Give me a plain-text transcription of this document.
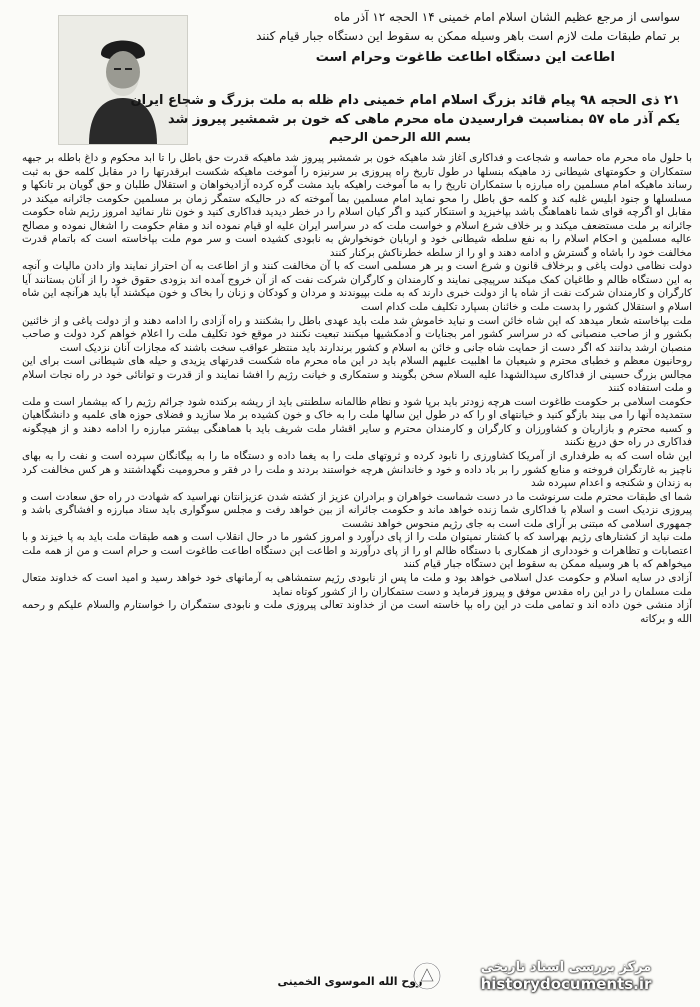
سواسی از مرجع عظیم الشان اسلام امام خمینی ۱۴ الحجه ۱۲ آذر ماه
بر تمام طبقات ملت لازم است باهر وسیله ممکن به سقوط این دستگاه جبار قیام کنند
اطاعت این دستگاه اطاعت طاغوت وحرام است
۲۱ ذی الحجه ۹۸ پیام قائد بزرگ اسلام امام خمینی دام ظله به ملت بزرگ و شجاع ایران
یکم آذر ماه ۵۷ بمناسبت فرارسیدن ماه محرم ماهی که خون بر شمشیر پیروز شد
بسم الله الرحمن الرحیم

با حلول ماه محرم ماه حماسه و شجاعت و فداکاری آغاز شد ماهیکه خون بر شمشیر پیروز شد ماهیکه قدرت حق باطل را تا ابد محکوم و داغ باطله بر جبهه ستمکاران و حکومتهای شیطانی زد ماهیکه بنسلها در طول تاریخ راه پیروزی بر سرنیزه را آموخت ماهیکه شکست ابرقدرتها را در مقابل کلمه حق به ثبت رساند ماهیکه امام مسلمین راه مبارزه با ستمکاران تاریخ را به ما آموخت راهیکه باید مشت گره کرده آزادیخواهان و استقلال طلبان و حق گویان بر تانکها و مسلسلها و جنود ابلیس غلبه کند و کلمه حق باطل را محو نماید امام مسلمین بما آموخته که در حالیکه ستمگر زمان بر مسلمین حکومت جائرانه میکند در مقابل او اگرچه قوای شما ناهماهنگ باشد بپاخیزید و استنکار کنید و اگر کیان اسلام را در خطر دیدید فداکاری کنید و خون نثار نمائید امروز رژیم شاه حکومت جائرانه بر ملت مستضعف میکند و بر خلاف شرع اسلام و خواست ملت که در سراسر ایران علیه او قیام نموده اند و مقام حکومت را اشغال نموده و مصالح عالیه مسلمین و احکام اسلام را به نفع سلطه شیطانی خود و اربابان خونخوارش به نابودی کشیده است و سر موم ملت بپاخاسته است که باتمام قدرت مخالفت خود را باشاه و گسترش و ادامه دهند و او را از سلطه خطرناکش برکنار کنند

دولت نظامی دولت یاغی و برخلاف قانون و شرع است و بر هر مسلمی است که با آن مخالفت کنند و از اطاعت به آن احتراز نمایند واز دادن مالیات و آنچه به این دستگاه ظالم و طاغیان کمک میکند سرپیچی نمایند و کارمندان و کارگران شرکت نفت که از آن خروج آمده اند بزودی حقوق خود را از آنان بستانند آیا کارگران و کارمندان شرکت نفت از شاه یا از دولت خبری دارند که به ملت بپیوندند و مردان و کودکان و زنان را بخاک و خون میکشند آیا باید هرآنچه این شاه اسلام و استقلال کشور را بدست ملت و خائنان بسپارد تکلیف ملت کدام است

ملت بپاخاسته شعار میدهد که این شاه خائن است و نباید خاموش شد ملت باید عهدی باطل را بشکنند و راه آزادی را ادامه دهند و از دولت یاغی و از خائنین بکشور و از صاحب منصبانی که در سراسر کشور امر بجنایات و آدمکشیها میکنند تبعیت نکنند در موقع خود تکلیف ملت را اعلام خواهم کرد دولت و صاحب منصبان ارشد بدانند که اگر دست از حمایت شاه جانی و خائن به اسلام و کشور برندارند باید منتظر عواقب سخت باشند که مجازات آنان نزدیک است

روحانیون معظم و خطبای محترم و شیعیان ما اهلبیت علیهم السلام باید در این ماه محرم ماه شکست قدرتهای یزیدی و حیله های شیطانی است برای این مجالس بزرگ حسینی از فداکاری سیدالشهدا علیه السلام سخن بگویند و ستمکاری و خیانت رژیم را افشا نمایند و از قدرت و توانائی خود در راه نجات اسلام و ملت استفاده کنند

حکومت اسلامی بر حکومت طاغوت است هرچه زودتر باید برپا شود و نظام ظالمانه سلطنتی باید از ریشه برکنده شود جرائم رژیم را که بیشمار است و ملت ستمدیده آنها را می بیند بازگو کنید و خیانتهای او را که در طول این سالها ملت را به خاک و خون کشیده بر ملا سازید و فضلای حوزه های علمیه و دانشگاهیان و کسبه محترم و بازاریان و کشاورزان و کارگران و کارمندان محترم و سایر اقشار ملت شریف باید با هماهنگی بیشتر مبارزه را ادامه دهند و از هیچگونه فداکاری در راه حق دریغ نکنند

این شاه است که به طرفداری از آمریکا کشاورزی را نابود کرده و ثروتهای ملت را به یغما داده و دستگاه ما را به بیگانگان سپرده است و نفت را به بهای ناچیز به غارتگران فروخته و منابع کشور را بر باد داده و خود و خاندانش هرچه خواستند بردند و ملت را در فقر و محرومیت نگهداشتند و هر کس مخالفت کرد به زندان و شکنجه و اعدام سپرده شد

شما ای طبقات محترم ملت سرنوشت ما در دست شماست خواهران و برادران عزیز از کشته شدن عزیزانتان نهراسید که شهادت در راه حق سعادت است و پیروزی نزدیک است و اسلام با فداکاری شما زنده خواهد ماند و حکومت جائرانه از بین خواهد رفت و مجلس سوگواری باید ستاد مبارزه و افشاگری باشد و جمهوری اسلامی که مبتنی بر آرای ملت است به جای رژیم منحوس خواهد نشست

ملت نباید از کشتارهای رژیم بهراسد که با کشتار نمیتوان ملت را از پای درآورد و امروز کشور ما در حال انقلاب است و همه طبقات ملت باید به پا خیزند و با اعتصابات و تظاهرات و خودداری از همکاری با دستگاه ظالم او را از پای درآورند و اطاعت این دستگاه اطاعت طاغوت است و حرام است و من از همه ملت میخواهم که با هر وسیله ممکن به سقوط این دستگاه جبار قیام کنند

آزادی در سایه اسلام و حکومت عدل اسلامی خواهد بود و ملت ما پس از نابودی رژیم ستمشاهی به آرمانهای خود خواهد رسید و امید است که خداوند متعال ملت مسلمان را در این راه مقدس موفق و پیروز فرماید و دست ستمکاران را از کشور کوتاه نماید

آزاد منشی خون داده اند و تمامی ملت در این راه بپا خاسته است من از خداوند تعالی پیروزی ملت و نابودی ستمگران را خواستارم والسلام علیکم و رحمه الله و برکاته

روح الله الموسوی الخمینی
مرکز بررسی اسناد تاریخی
historydocuments.ir
